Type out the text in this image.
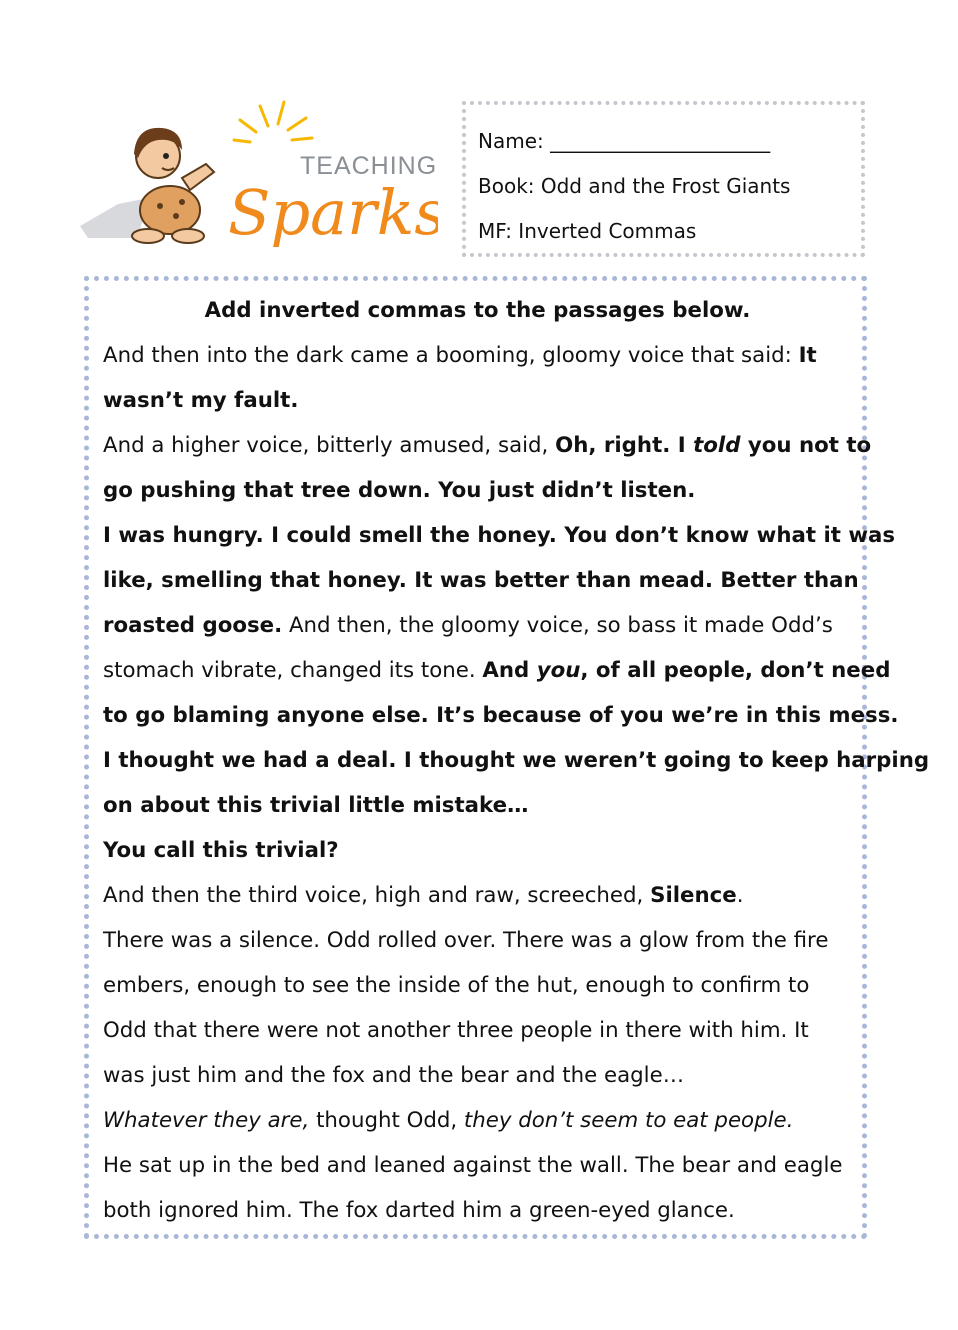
TEACHING
Sparks
Name: ______________________
Book: Odd and the Frost Giants
MF: Inverted Commas

Add inverted commas to the passages below.

And then into the dark came a booming, gloomy voice that said: It

wasn’t my fault.

And a higher voice, bitterly amused, said, Oh, right. I told you not to

go pushing that tree down. You just didn’t listen.

I was hungry. I could smell the honey. You don’t know what it was

like, smelling that honey. It was better than mead. Better than

roasted goose. And then, the gloomy voice, so bass it made Odd’s

stomach vibrate, changed its tone. And you, of all people, don’t need

to go blaming anyone else. It’s because of you we’re in this mess.

I thought we had a deal. I thought we weren’t going to keep harping

on about this trivial little mistake…

You call this trivial?

And then the third voice, high and raw, screeched, Silence.

There was a silence. Odd rolled over. There was a glow from the fire

embers, enough to see the inside of the hut, enough to confirm to

Odd that there were not another three people in there with him. It

was just him and the fox and the bear and the eagle…

Whatever they are, thought Odd, they don’t seem to eat people.

He sat up in the bed and leaned against the wall. The bear and eagle

both ignored him. The fox darted him a green-eyed glance.
